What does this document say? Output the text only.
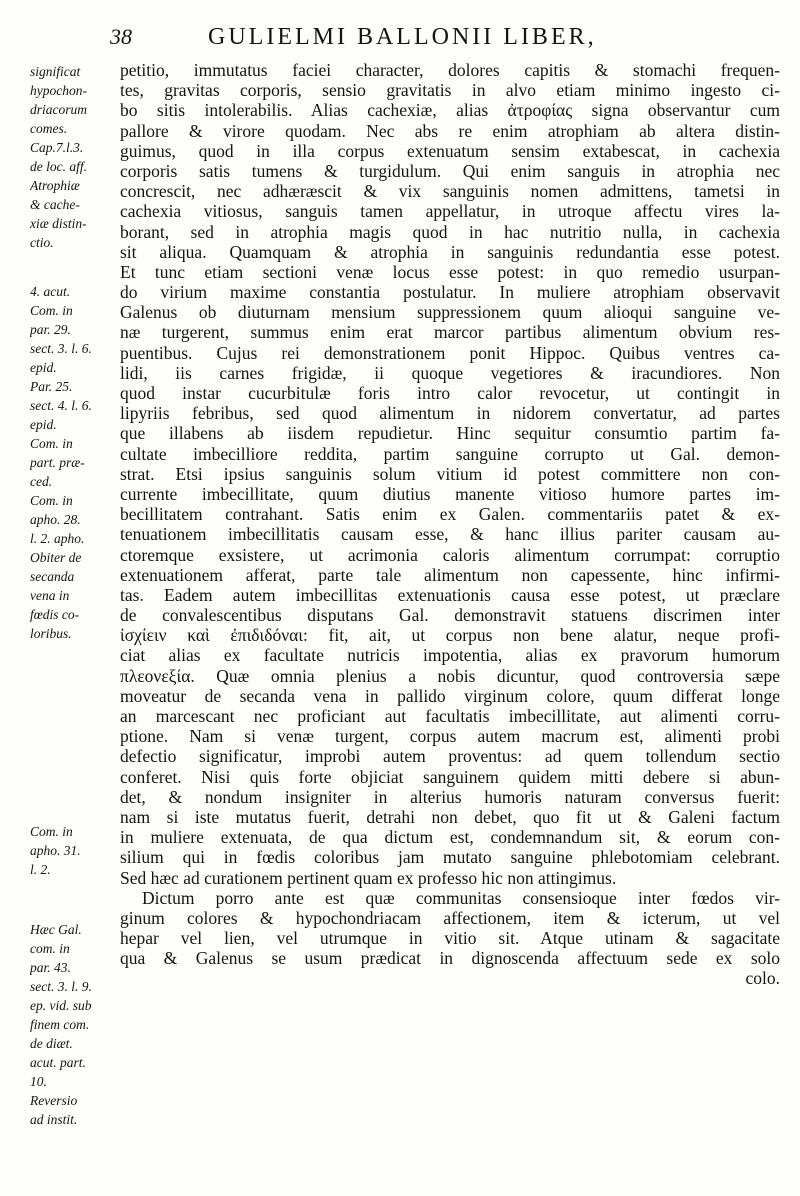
38	GULIELMI BALLONII LIBER,
significat
hypochon-
driacorum
comes.
Cap.7.l.3.
de loc. aff.
Atrophiæ
& cache-
xiæ distin-
ctio.
4. acut.
Com. in
par. 29.
sect. 3. l. 6.
epid.
Par. 25.
sect. 4. l. 6.
epid.
Com. in
part. præ-
ced.
Com. in
apho. 28.
l. 2. apho.
Obiter de
secanda
vena in
fœdis co-
loribus.
Com. in
apho. 31.
l. 2.
Hæc Gal.
com. in
par. 43.
sect. 3. l. 9.
ep. vid. sub
finem com.
de diæt.
acut. part.
10.
Reversio
ad instit.
petitio, immutatus faciei character, dolores capitis & stomachi frequen-
tes, gravitas corporis, sensio gravitatis in alvo etiam minimo ingesto ci-
bo sitis intolerabilis. Alias cachexiæ, alias ἀτροφίας signa observantur cum
pallore & virore quodam. Nec abs re enim atrophiam ab altera distin-
guimus, quod in illa corpus extenuatum sensim extabescat, in cachexia
corporis satis tumens & turgidulum. Qui enim sanguis in atrophia nec
concrescit, nec adhæræscit & vix sanguinis nomen admittens, tametsi in
cachexia vitiosus, sanguis tamen appellatur, in utroque affectu vires la-
borant, sed in atrophia magis quod in hac nutritio nulla, in cachexia
sit aliqua. Quamquam & atrophia in sanguinis redundantia esse potest.
Et tunc etiam sectioni venæ locus esse potest: in quo remedio usurpan-
do virium maxime constantia postulatur. In muliere atrophiam observavit
Galenus ob diuturnam mensium suppressionem quum alioqui sanguine ve-
næ turgerent, summus enim erat marcor partibus alimentum obvium res-
puentibus. Cujus rei demonstrationem ponit Hippoc. Quibus ventres ca-
lidi, iis carnes frigidæ, ii quoque vegetiores & iracundiores. Non
quod instar cucurbitulæ foris intro calor revocetur, ut contingit in
lipyriis febribus, sed quod alimentum in nidorem convertatur, ad partes
que illabens ab iisdem repudietur. Hinc sequitur consumtio partim fa-
cultate imbecilliore reddita, partim sanguine corrupto ut Gal. demon-
strat. Etsi ipsius sanguinis solum vitium id potest committere non con-
currente imbecillitate, quum diutius manente vitioso humore partes im-
becillitatem contrahant. Satis enim ex Galen. commentariis patet & ex-
tenuationem imbecillitatis causam esse, & hanc illius pariter causam au-
ctoremque exsistere, ut acrimonia caloris alimentum corrumpat: corruptio
extenuationem afferat, parte tale alimentum non capessente, hinc infirmi-
tas. Eadem autem imbecillitas extenuationis causa esse potest, ut præclare
de convalescentibus disputans Gal. demonstravit statuens discrimen inter
ἰσχίειν καὶ ἐπιδιδόναι: fit, ait, ut corpus non bene alatur, neque profi-
ciat alias ex facultate nutricis impotentia, alias ex pravorum humorum
πλεονεξία. Quæ omnia plenius a nobis dicuntur, quod controversia sæpe
moveatur de secanda vena in pallido virginum colore, quum differat longe
an marcescant nec proficiant aut facultatis imbecillitate, aut alimenti corru-
ptione. Nam si venæ turgent, corpus autem macrum est, alimenti probi
defectio significatur, improbi autem proventus: ad quem tollendum sectio
conferet. Nisi quis forte objiciat sanguinem quidem mitti debere si abun-
det, & nondum insigniter in alterius humoris naturam conversus fuerit:
nam si iste mutatus fuerit, detrahi non debet, quo fit ut & Galeni factum
in muliere extenuata, de qua dictum est, condemnandum sit, & eorum con-
silium qui in fœdis coloribus jam mutato sanguine phlebotomiam celebrant.
Sed hæc ad curationem pertinent quam ex professo hic non attingimus.
Dictum porro ante est quæ communitas consensioque inter fœdos vir-
ginum colores & hypochondriacam affectionem, item & icterum, ut vel
hepar vel lien, vel utrumque in vitio sit. Atque utinam & sagacitate
qua & Galenus se usum prædicat in dignoscenda affectuum sede ex solo
colo.
